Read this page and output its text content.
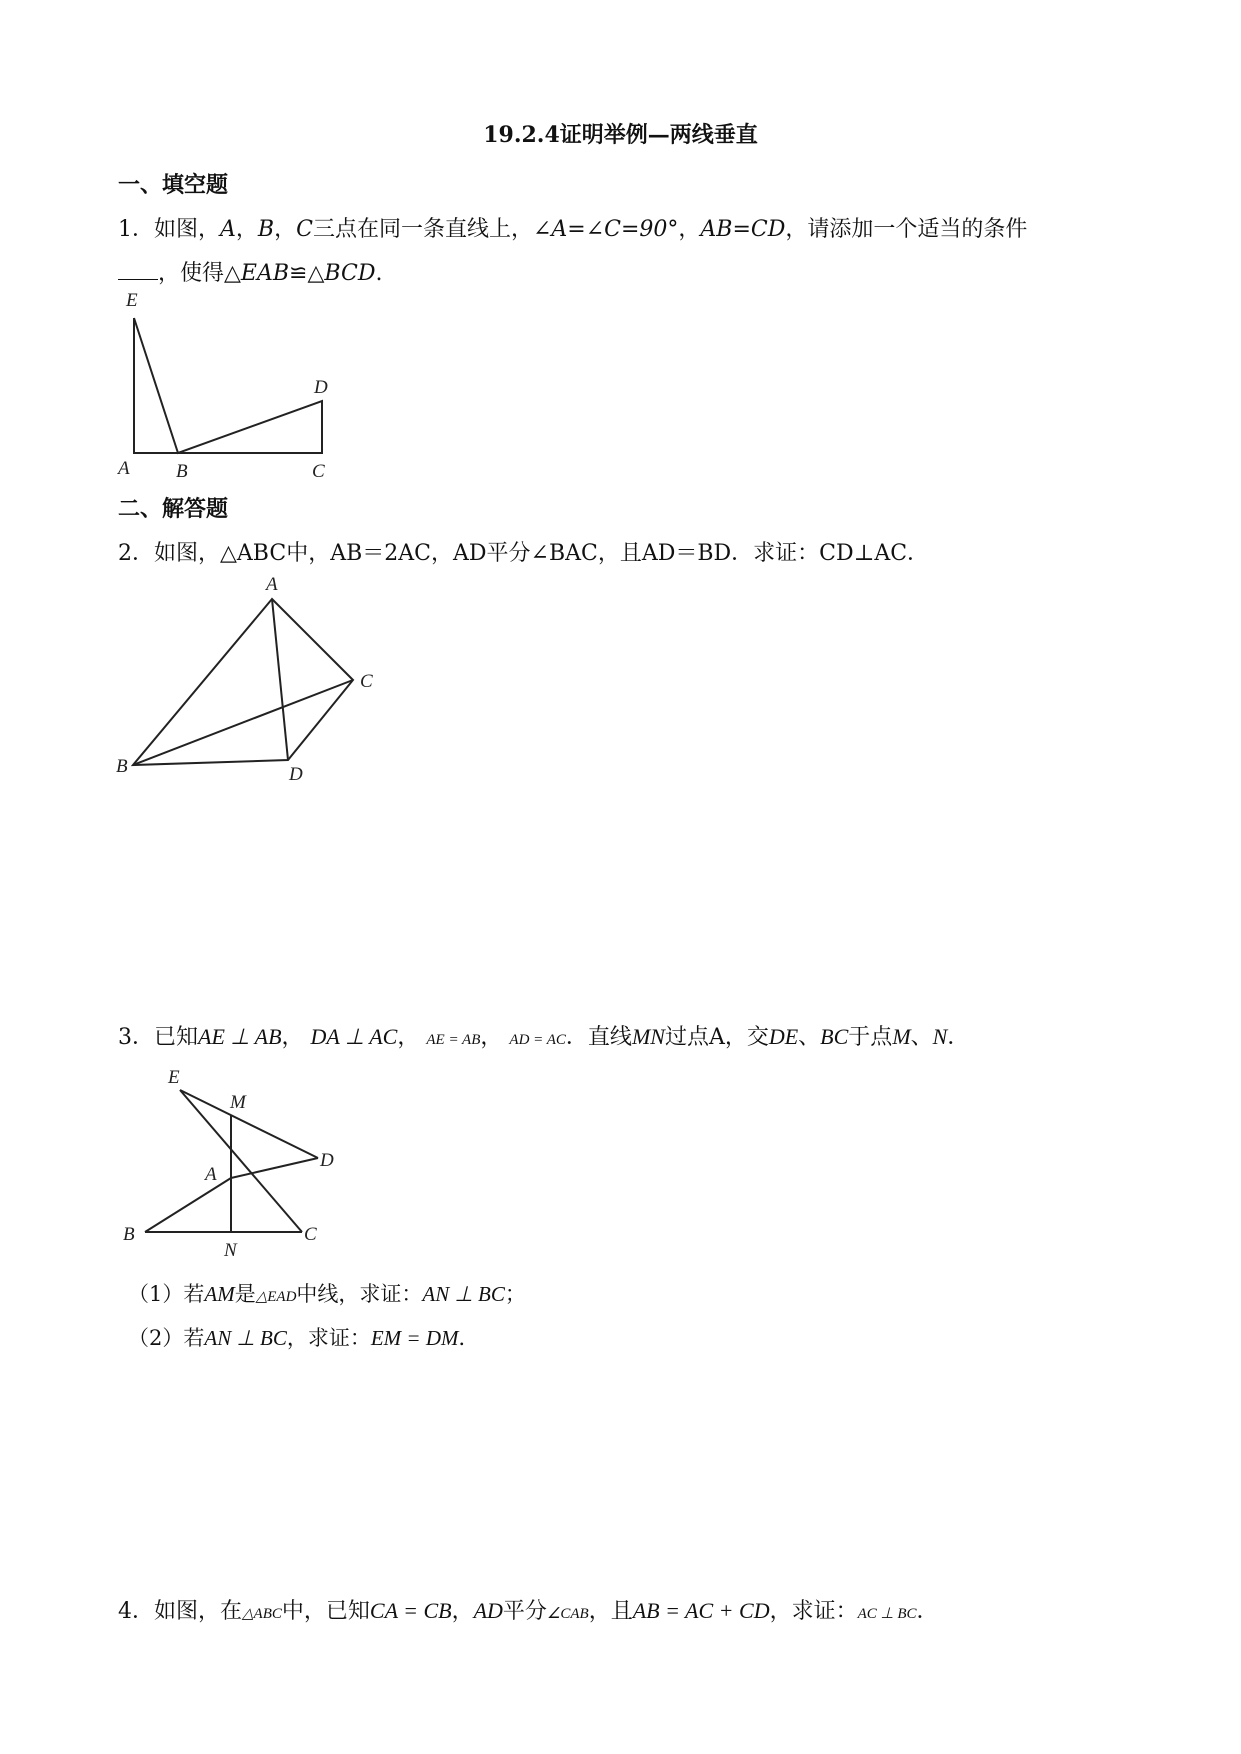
19.2.4证明举例—两线垂直
一、填空题
1．如图，A，B，C三点在同一条直线上，∠A=∠C=90°，AB=CD，请添加一个适当的条件
，使得△EAB≌△BCD.
E
D
A B	C
二、解答题
2．如图，△ABC中，AB＝2AC，AD平分∠BAC，且AD＝BD．求证：CD⊥AC．
A
C
B	D
3．已知AE ⊥ AB， DA ⊥ AC， AE = AB， AD = AC．直线MN过点A，交DE、BC于点M、N．
E
M
D
A
B
N
C
（1）若AM是△EAD中线，求证：AN ⊥ BC；
（2）若AN ⊥ BC，求证：EM = DM．
4．如图，在△ABC中，已知CA = CB，AD平分∠CAB，且AB = AC + CD，求证：AC ⊥ BC．
